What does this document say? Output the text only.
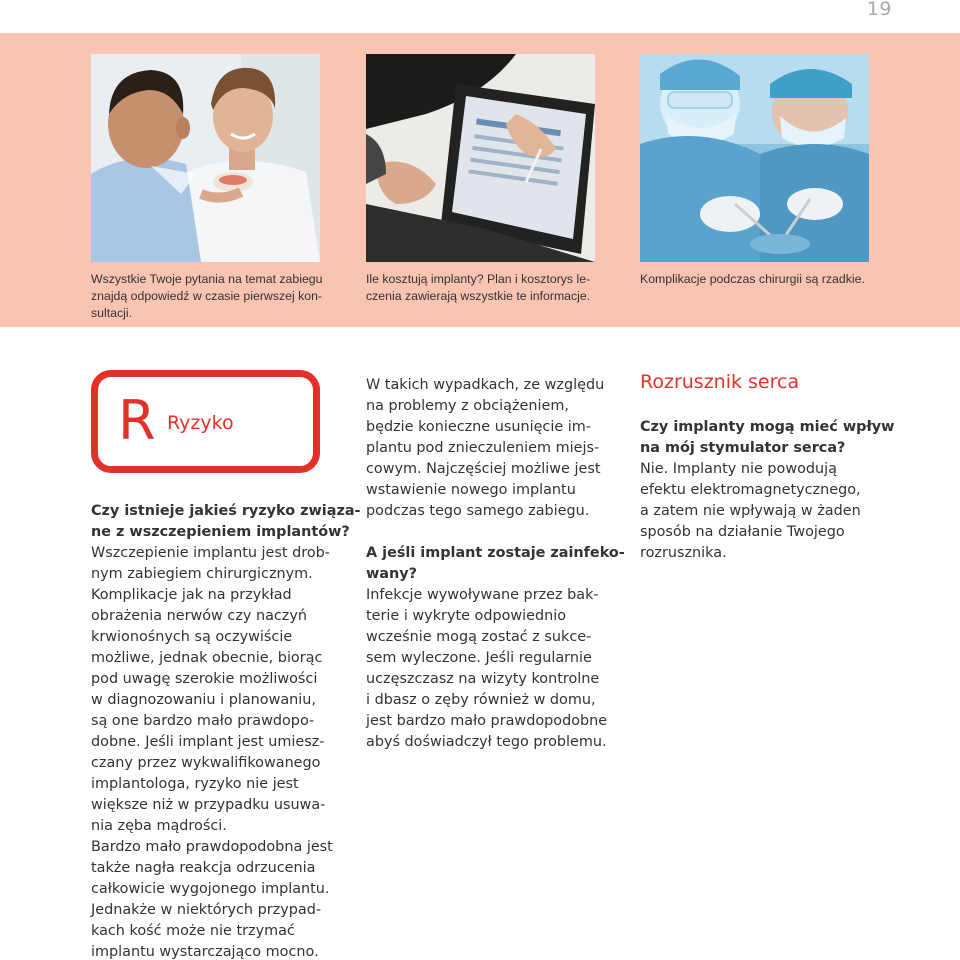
19
Wszystkie Twoje pytania na temat zabiegu
znajdą odpowiedź w czasie pierwszej kon-
sultacji.
Ile kosztują implanty? Plan i kosztorys le-
czenia zawierają wszystkie te informacje.
Komplikacje podczas chirurgii są rzadkie.
R Ryzyko
Czy istnieje jakieś ryzyko związa-
ne z wszczepieniem implantów?
Wszczepienie implantu jest drob-
nym zabiegiem chirurgicznym.
Komplikacje jak na przykład
obrażenia nerwów czy naczyń
krwionośnych są oczywiście
możliwe, jednak obecnie, biorąc
pod uwagę szerokie możliwości
w diagnozowaniu i planowaniu,
są one bardzo mało prawdopo-
dobne. Jeśli implant jest umiesz-
czany przez wykwalifikowanego
implantologa, ryzyko nie jest
większe niż w przypadku usuwa-
nia zęba mądrości.
Bardzo mało prawdopodobna jest
także nagła reakcja odrzucenia
całkowicie wygojonego implantu.
Jednakże w niektórych przypad-
kach kość może nie trzymać
implantu wystarczająco mocno.
W takich wypadkach, ze względu
na problemy z obciążeniem,
będzie konieczne usunięcie im-
plantu pod znieczuleniem miejs-
cowym. Najczęściej możliwe jest
wstawienie nowego implantu
podczas tego samego zabiegu.
A jeśli implant zostaje zainfeko-
wany?
Infekcje wywoływane przez bak-
terie i wykryte odpowiednio
wcześnie mogą zostać z sukce-
sem wyleczone. Jeśli regularnie
uczęszczasz na wizyty kontrolne
i dbasz o zęby również w domu,
jest bardzo mało prawdopodobne
abyś doświadczył tego problemu.
Rozrusznik serca
Czy implanty mogą mieć wpływ
na mój stymulator serca?
Nie. Implanty nie powodują
efektu elektromagnetycznego,
a zatem nie wpływają w żaden
sposób na działanie Twojego
rozrusznika.
